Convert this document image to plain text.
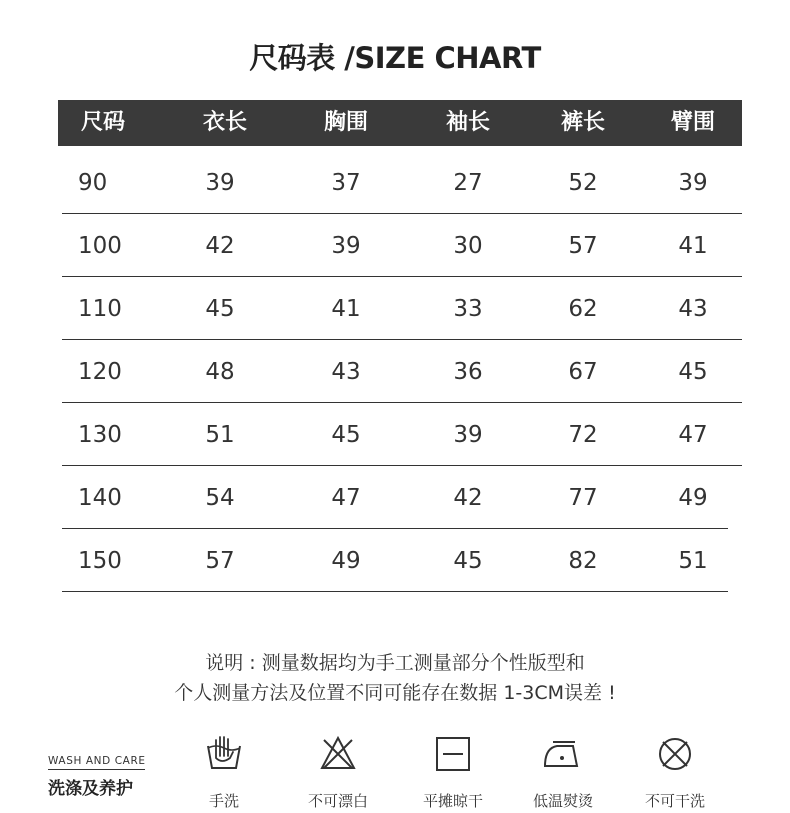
尺码表 /SIZE CHART
尺码	衣长	胸围	袖长	裤长	臂围
90	39	37	27	52	39
100	42	39	30	57	41
110	45	41	33	62	43
120	48	43	36	67	45
130	51	45	39	72	47
140	54	47	42	77	49
150	57	49	45	82	51
说明 : 测量数据均为手工测量部分个性版型和
个人测量方法及位置不同可能存在数据 1-3CM误差 !
WASH AND CARE
洗涤及养护
手洗	不可漂白	平摊晾干	低温熨烫	不可干洗
